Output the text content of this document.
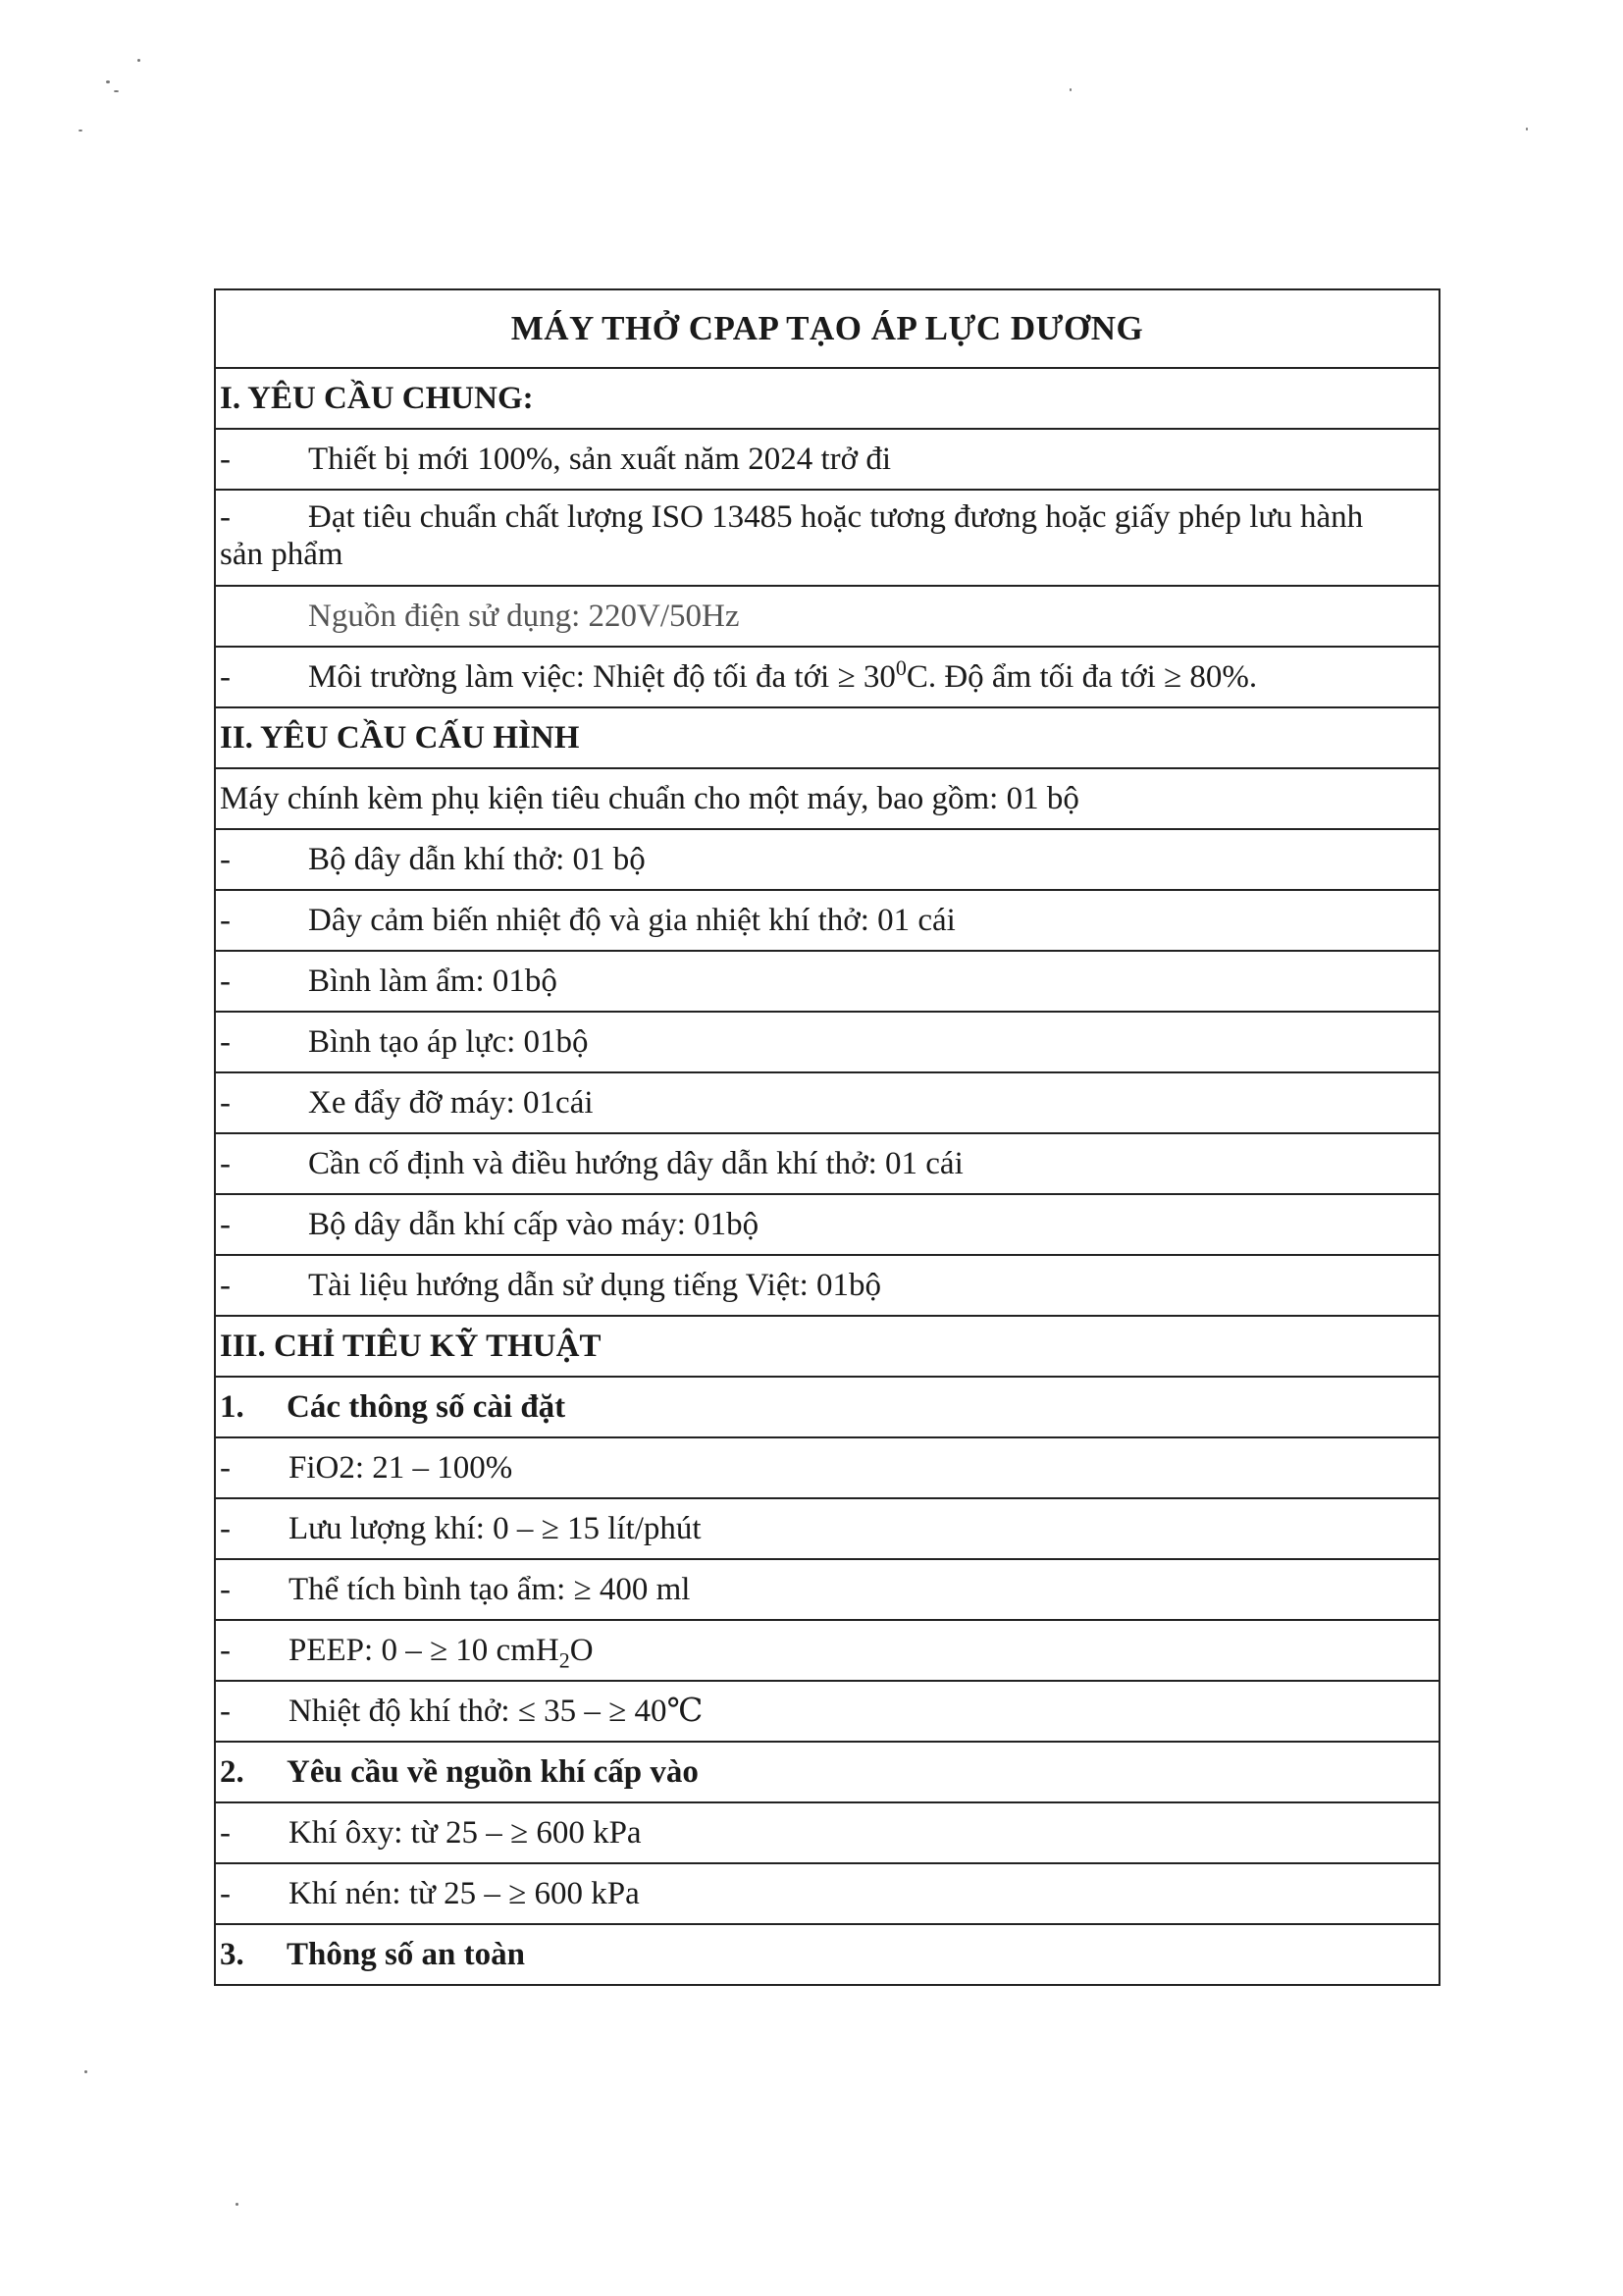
MÁY THỞ CPAP TẠO ÁP LỰC DƯƠNG
I. YÊU CẦU CHUNG:
- Thiết bị mới 100%, sản xuất năm 2024 trở đi
- Đạt tiêu chuẩn chất lượng ISO 13485 hoặc tương đương hoặc giấy phép lưu hành
sản phẩm
Nguồn điện sử dụng: 220V/50Hz
- Môi trường làm việc: Nhiệt độ tối đa tới ≥ $30^0C$. Độ ẩm tối đa tới ≥ 80%.
II. YÊU CẦU CẤU HÌNH
Máy chính kèm phụ kiện tiêu chuẩn cho một máy, bao gồm: 01 bộ
- Bộ dây dẫn khí thở: 01 bộ
- Dây cảm biến nhiệt độ và gia nhiệt khí thở: 01 cái
- Bình làm ẩm: 01bộ
- Bình tạo áp lực: 01bộ
- Xe đẩy đỡ máy: 01cái
- Cần cố định và điều hướng dây dẫn khí thở: 01 cái
- Bộ dây dẫn khí cấp vào máy: 01bộ
- Tài liệu hướng dẫn sử dụng tiếng Việt: 01bộ
III. CHỈ TIÊU KỸ THUẬT
1. Các thông số cài đặt
- FiO2: 21 – 100%
- Lưu lượng khí: 0 – ≥ 15 lít/phút
- Thể tích bình tạo ẩm: ≥ 400 ml
- PEEP: 0 – ≥ 10 cmH$_2$O
- Nhiệt độ khí thở: ≤ 35 – ≥ 40℃
2. Yêu cầu về nguồn khí cấp vào
- Khí ôxy: từ 25 – ≥ 600 kPa
- Khí nén: từ 25 – ≥ 600 kPa
3. Thông số an toàn
